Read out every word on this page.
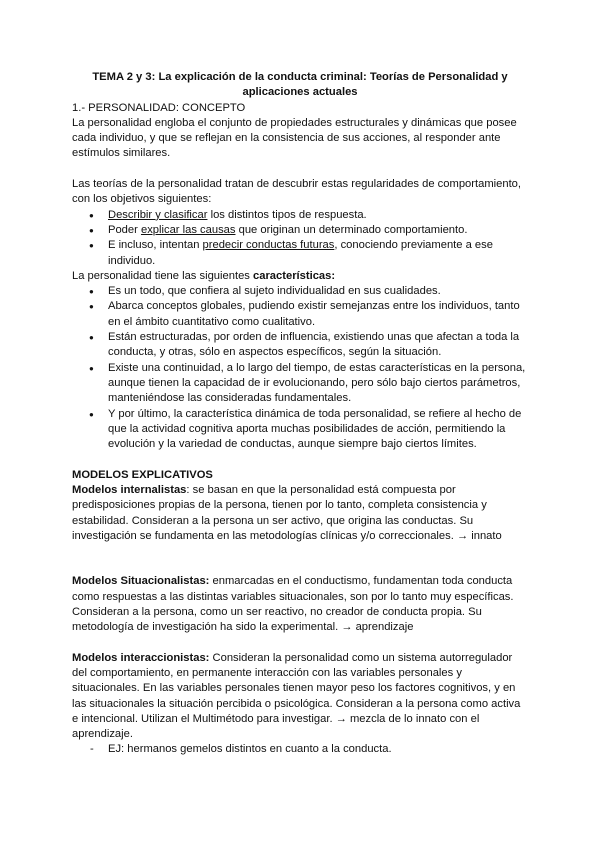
TEMA 2 y 3: La explicación de la conducta criminal: Teorías de Personalidad y aplicaciones actuales

1.- PERSONALIDAD: CONCEPTO

La personalidad engloba el conjunto de propiedades estructurales y dinámicas que posee cada individuo, y que se reflejan en la consistencia de sus acciones, al responder ante estímulos similares.

Las teorías de la personalidad tratan de descubrir estas regularidades de comportamiento, con los objetivos siguientes:

● Describir y clasificar los distintos tipos de respuesta.
● Poder explicar las causas que originan un determinado comportamiento.
● E incluso, intentan predecir conductas futuras, conociendo previamente a ese individuo.

La personalidad tiene las siguientes características:

● Es un todo, que confiera al sujeto individualidad en sus cualidades.
● Abarca conceptos globales, pudiendo existir semejanzas entre los individuos, tanto en el ámbito cuantitativo como cualitativo.
● Están estructuradas, por orden de influencia, existiendo unas que afectan a toda la conducta, y otras, sólo en aspectos específicos, según la situación.
● Existe una continuidad, a lo largo del tiempo, de estas características en la persona, aunque tienen la capacidad de ir evolucionando, pero sólo bajo ciertos parámetros, manteniéndose las consideradas fundamentales.
● Y por último, la característica dinámica de toda personalidad, se refiere al hecho de que la actividad cognitiva aporta muchas posibilidades de acción, permitiendo la evolución y la variedad de conductas, aunque siempre bajo ciertos límites.

MODELOS EXPLICATIVOS

Modelos internalistas: se basan en que la personalidad está compuesta por predisposiciones propias de la persona, tienen por lo tanto, completa consistencia y estabilidad. Consideran a la persona un ser activo, que origina las conductas. Su investigación se fundamenta en las metodologías clínicas y/o correccionales. → innato

Modelos Situacionalistas: enmarcadas en el conductismo, fundamentan toda conducta como respuestas a las distintas variables situacionales, son por lo tanto muy específicas. Consideran a la persona, como un ser reactivo, no creador de conducta propia. Su metodología de investigación ha sido la experimental. → aprendizaje

Modelos interaccionistas: Consideran la personalidad como un sistema autorregulador del comportamiento, en permanente interacción con las variables personales y situacionales. En las variables personales tienen mayor peso los factores cognitivos, y en las situacionales la situación percibida o psicológica. Consideran a la persona como activa e intencional. Utilizan el Multimétodo para investigar. → mezcla de lo innato con el aprendizaje.

- EJ: hermanos gemelos distintos en cuanto a la conducta.
